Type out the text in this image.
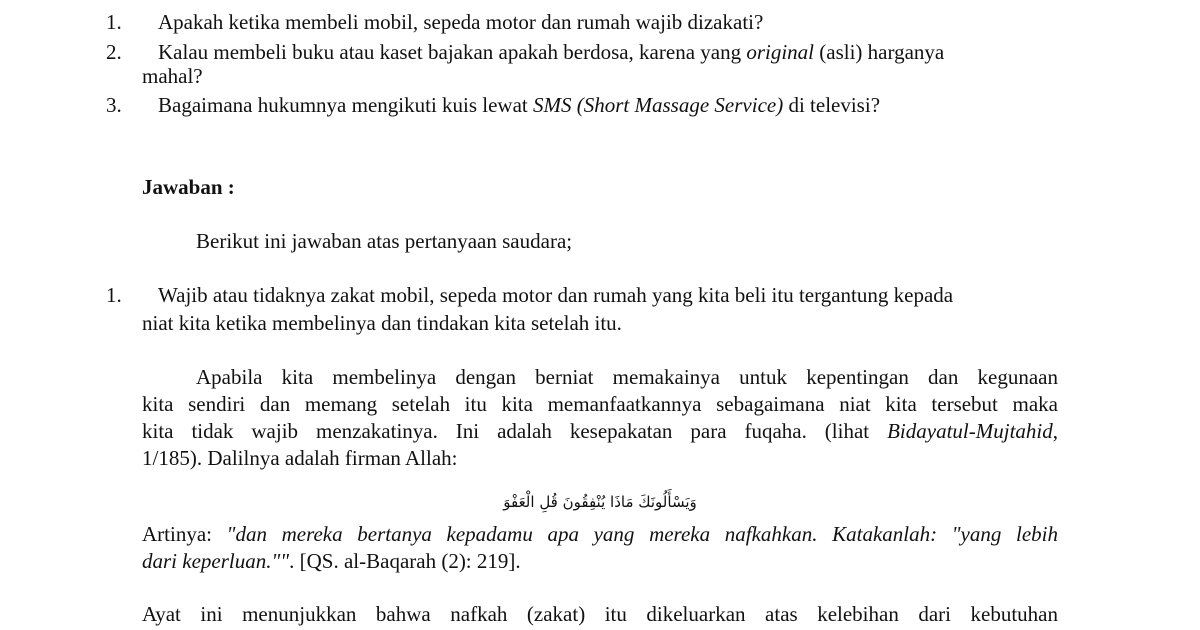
1.	Apakah ketika membeli mobil, sepeda motor dan rumah wajib dizakati?
2.	Kalau membeli buku atau kaset bajakan apakah berdosa, karena yang original (asli) harganya
mahal?
3.	Bagaimana hukumnya mengikuti kuis lewat SMS (Short Massage Service) di televisi?
Jawaban :
Berikut ini jawaban atas pertanyaan saudara;
1.	Wajib atau tidaknya zakat mobil, sepeda motor dan rumah yang kita beli itu tergantung kepada
niat kita ketika membelinya dan tindakan kita setelah itu.
Apabila kita membelinya dengan berniat memakainya untuk kepentingan dan kegunaan
kita sendiri dan memang setelah itu kita memanfaatkannya sebagaimana niat kita tersebut maka
kita tidak wajib menzakatinya. Ini adalah kesepakatan para fuqaha. (lihat Bidayatul-Mujtahid,
1/185). Dalilnya adalah firman Allah:
وَيَسْأَلُونَكَ مَاذَا يُنْفِقُونَ قُلِ الْعَفْوَ
Artinya: "dan mereka bertanya kepadamu apa yang mereka nafkahkan. Katakanlah: "yang lebih
dari keperluan."". [QS. al-Baqarah (2): 219].
Ayat ini menunjukkan bahwa nafkah (zakat) itu dikeluarkan atas kelebihan dari kebutuhan
